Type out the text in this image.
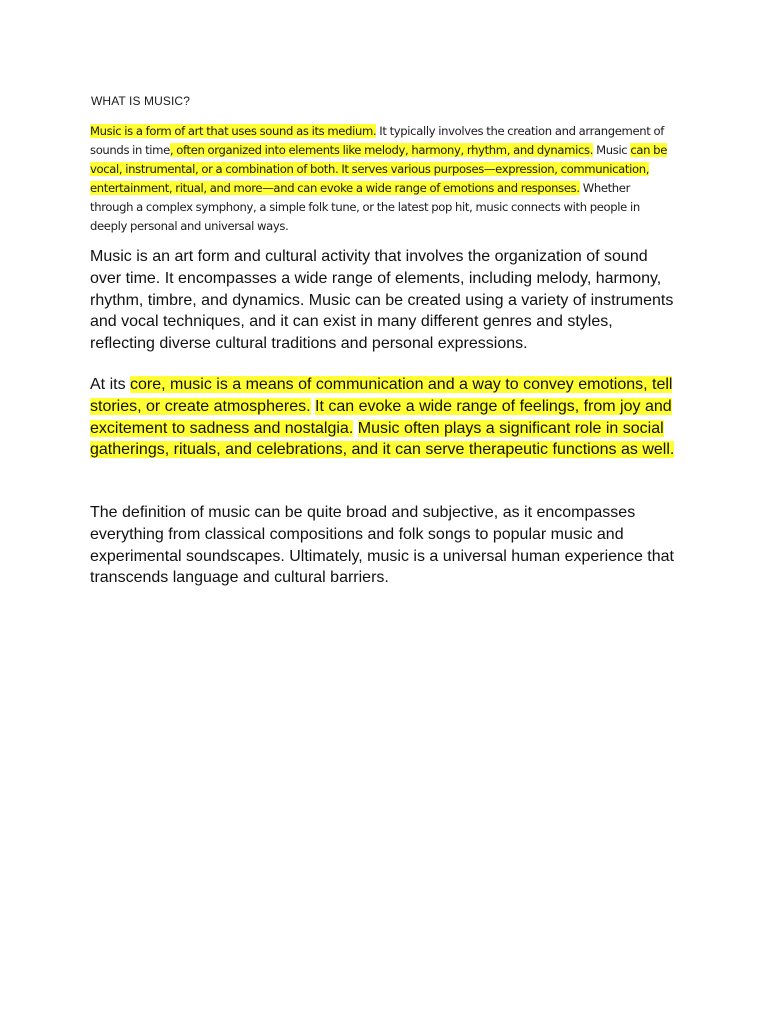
WHAT IS MUSIC?
Music is a form of art that uses sound as its medium. It typically involves the creation and arrangement of sounds in time, often organized into elements like melody, harmony, rhythm, and dynamics. Music can be vocal, instrumental, or a combination of both. It serves various purposes—expression, communication, entertainment, ritual, and more—and can evoke a wide range of emotions and responses. Whether through a complex symphony, a simple folk tune, or the latest pop hit, music connects with people in deeply personal and universal ways.
Music is an art form and cultural activity that involves the organization of sound over time. It encompasses a wide range of elements, including melody, harmony, rhythm, timbre, and dynamics. Music can be created using a variety of instruments and vocal techniques, and it can exist in many different genres and styles, reflecting diverse cultural traditions and personal expressions.
At its core, music is a means of communication and a way to convey emotions, tell stories, or create atmospheres. It can evoke a wide range of feelings, from joy and excitement to sadness and nostalgia. Music often plays a significant role in social gatherings, rituals, and celebrations, and it can serve therapeutic functions as well.
The definition of music can be quite broad and subjective, as it encompasses everything from classical compositions and folk songs to popular music and experimental soundscapes. Ultimately, music is a universal human experience that transcends language and cultural barriers.
